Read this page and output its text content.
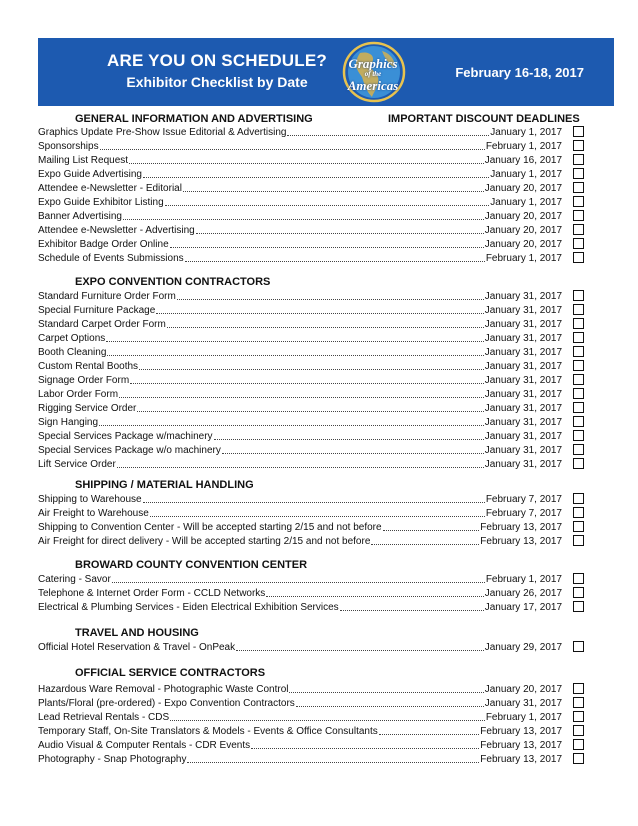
ARE YOU ON SCHEDULE?
Exhibitor Checklist by Date
Graphics
of the
Americas
February 16-18, 2017
GENERAL INFORMATION AND ADVERTISING	IMPORTANT DISCOUNT DEADLINES
Graphics Update Pre-Show Issue Editorial & Advertising	January 1, 2017
Sponsorships	February 1, 2017
Mailing List Request	January 16, 2017
Expo Guide Advertising	January 1, 2017
Attendee e-Newsletter - Editorial	January 20, 2017
Expo Guide Exhibitor Listing	January 1, 2017
Banner Advertising	January 20, 2017
Attendee e-Newsletter - Advertising	January 20, 2017
Exhibitor Badge Order Online	January 20, 2017
Schedule of Events Submissions	February 1, 2017
EXPO CONVENTION CONTRACTORS
Standard Furniture Order Form	January 31, 2017
Special Furniture Package	January 31, 2017
Standard Carpet Order Form	January 31, 2017
Carpet Options	January 31, 2017
Booth Cleaning	January 31, 2017
Custom Rental Booths	January 31, 2017
Signage Order Form	January 31, 2017
Labor Order Form	January 31, 2017
Rigging Service Order	January 31, 2017
Sign Hanging	January 31, 2017
Special Services Package w/machinery	January 31, 2017
Special Services Package w/o machinery	January 31, 2017
Lift Service Order	January 31, 2017
SHIPPING / MATERIAL HANDLING
Shipping to Warehouse	February 7, 2017
Air Freight to Warehouse	February 7, 2017
Shipping to Convention Center - Will be accepted starting 2/15 and not before	February 13, 2017
Air Freight for direct delivery - Will be accepted starting 2/15 and not before	February 13, 2017
BROWARD COUNTY CONVENTION CENTER
Catering - Savor	February 1, 2017
Telephone & Internet Order Form - CCLD Networks	January 26, 2017
Electrical & Plumbing Services - Eiden Electrical Exhibition Services	January 17, 2017
TRAVEL AND HOUSING
Official Hotel Reservation & Travel - OnPeak	January 29, 2017
OFFICIAL SERVICE CONTRACTORS
Hazardous Ware Removal - Photographic Waste Control	January 20, 2017
Plants/Floral (pre-ordered) - Expo Convention Contractors	January 31, 2017
Lead Retrieval Rentals - CDS	February 1, 2017
Temporary Staff, On-Site Translators & Models - Events & Office Consultants	February 13, 2017
Audio Visual & Computer Rentals - CDR Events	February 13, 2017
Photography - Snap Photography	February 13, 2017
